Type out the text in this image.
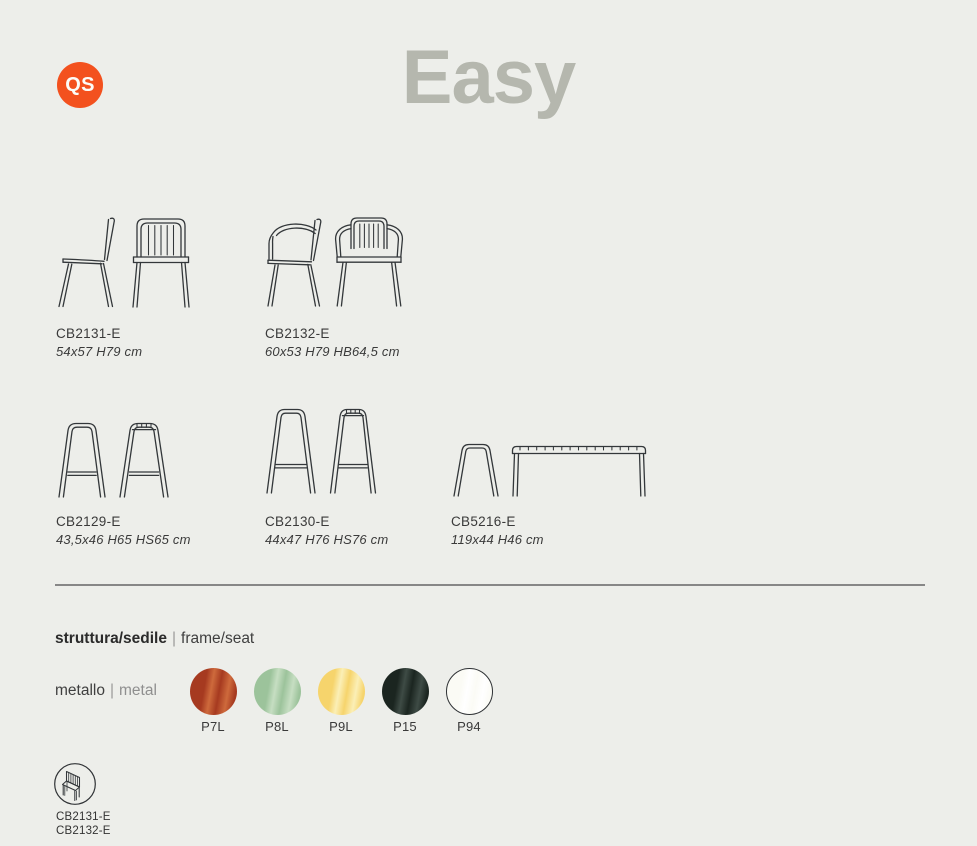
QS	Easy
CB2131-E
54x57 H79 cm
CB2132-E
60x53 H79 HB64,5 cm
CB2129-E
43,5x46 H65 HS65 cm
CB2130-E
44x47 H76 HS76 cm
CB5216-E
119x44 H46 cm
struttura/sedile | frame/seat
metallo | metal
P7L	P8L	P9L	P15	P94
CB2131-E
CB2132-E
